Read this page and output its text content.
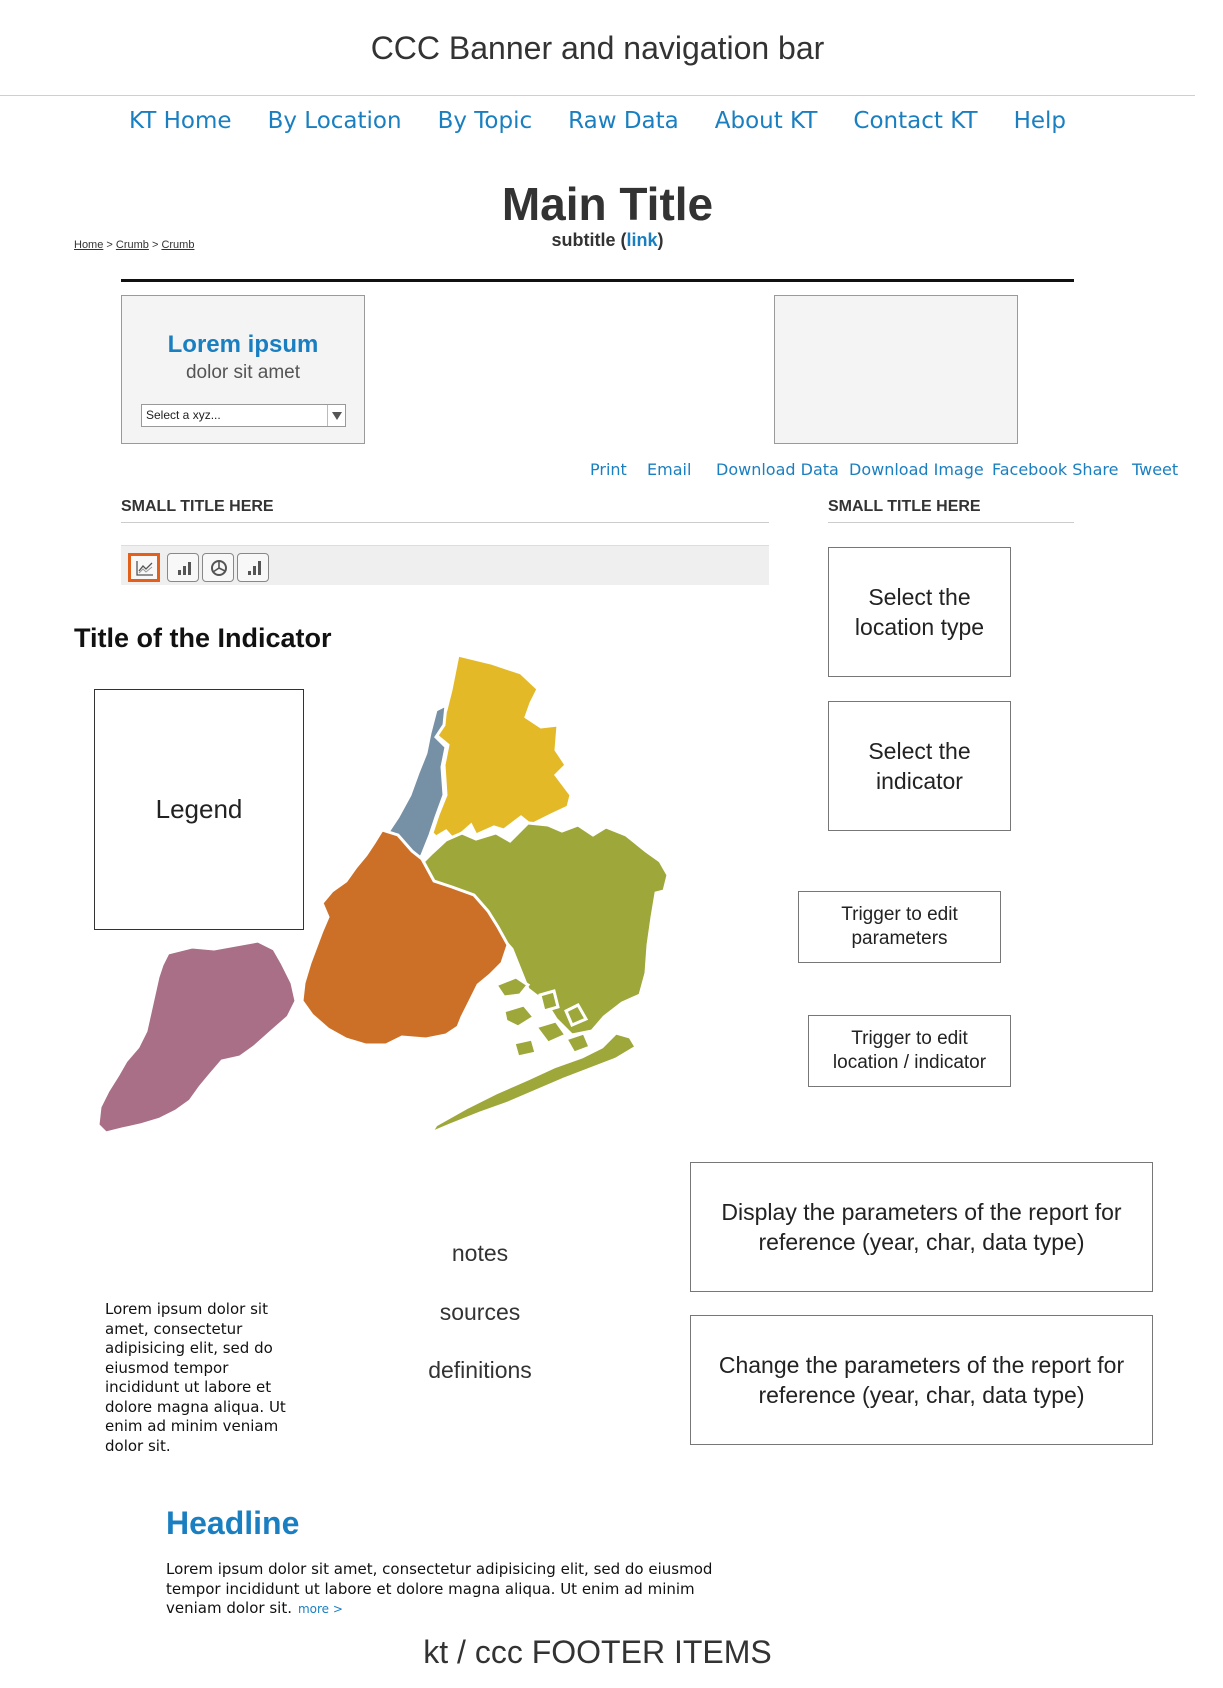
CCC Banner and navigation bar
KT Home By Location By Topic Raw Data About KT Contact KT Help
Main Title
subtitle (link)
Home > Crumb > Crumb
Lorem ipsum
dolor sit amet
Select a xyz...
Print Email Download Data Download Image Facebook Share Tweet
SMALL TITLE HERE	SMALL TITLE HERE
Title of the Indicator
Legend
Select the
location type
Select the
indicator
Trigger to edit
parameters
Trigger to edit
location / indicator
Display the parameters of the report for
reference (year, char, data type)
Change the parameters of the report for
reference (year, char, data type)
notes
sources
definitions

Lorem ipsum dolor sit amet, consectetur adipisicing elit, sed do eiusmod tempor incididunt ut labore et dolore magna aliqua. Ut enim ad minim veniam dolor sit.

Headline

Lorem ipsum dolor sit amet, consectetur adipisicing elit, sed do eiusmod tempor incididunt ut labore et dolore magna aliqua. Ut enim ad minim veniam dolor sit. more >

kt / ccc FOOTER ITEMS
